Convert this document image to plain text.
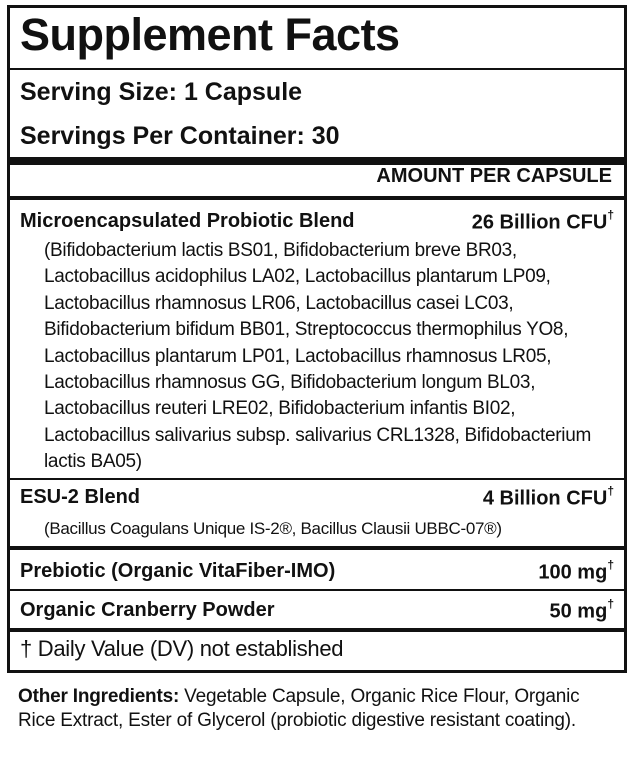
Supplement Facts
Serving Size: 1 Capsule
Servings Per Container: 30
AMOUNT PER CAPSULE
Microencapsulated Probiotic Blend	26 Billion CFU†
(Bifidobacterium lactis BS01, Bifidobacterium breve BR03, Lactobacillus acidophilus LA02, Lactobacillus plantarum LP09, Lactobacillus rhamnosus LR06, Lactobacillus casei LC03, Bifidobacterium bifidum BB01, Streptococcus thermophilus YO8, Lactobacillus plantarum LP01, Lactobacillus rhamnosus LR05, Lactobacillus rhamnosus GG, Bifidobacterium longum BL03, Lactobacillus reuteri LRE02, Bifidobacterium infantis BI02, Lactobacillus salivarius subsp. salivarius CRL1328, Bifidobacterium lactis BA05)
ESU-2 Blend	4 Billion CFU†
(Bacillus Coagulans Unique IS-2®, Bacillus Clausii UBBC-07®)
Prebiotic (Organic VitaFiber-IMO)	100 mg†
Organic Cranberry Powder	50 mg†
† Daily Value (DV) not established
Other Ingredients: Vegetable Capsule, Organic Rice Flour, Organic Rice Extract, Ester of Glycerol (probiotic digestive resistant coating).
